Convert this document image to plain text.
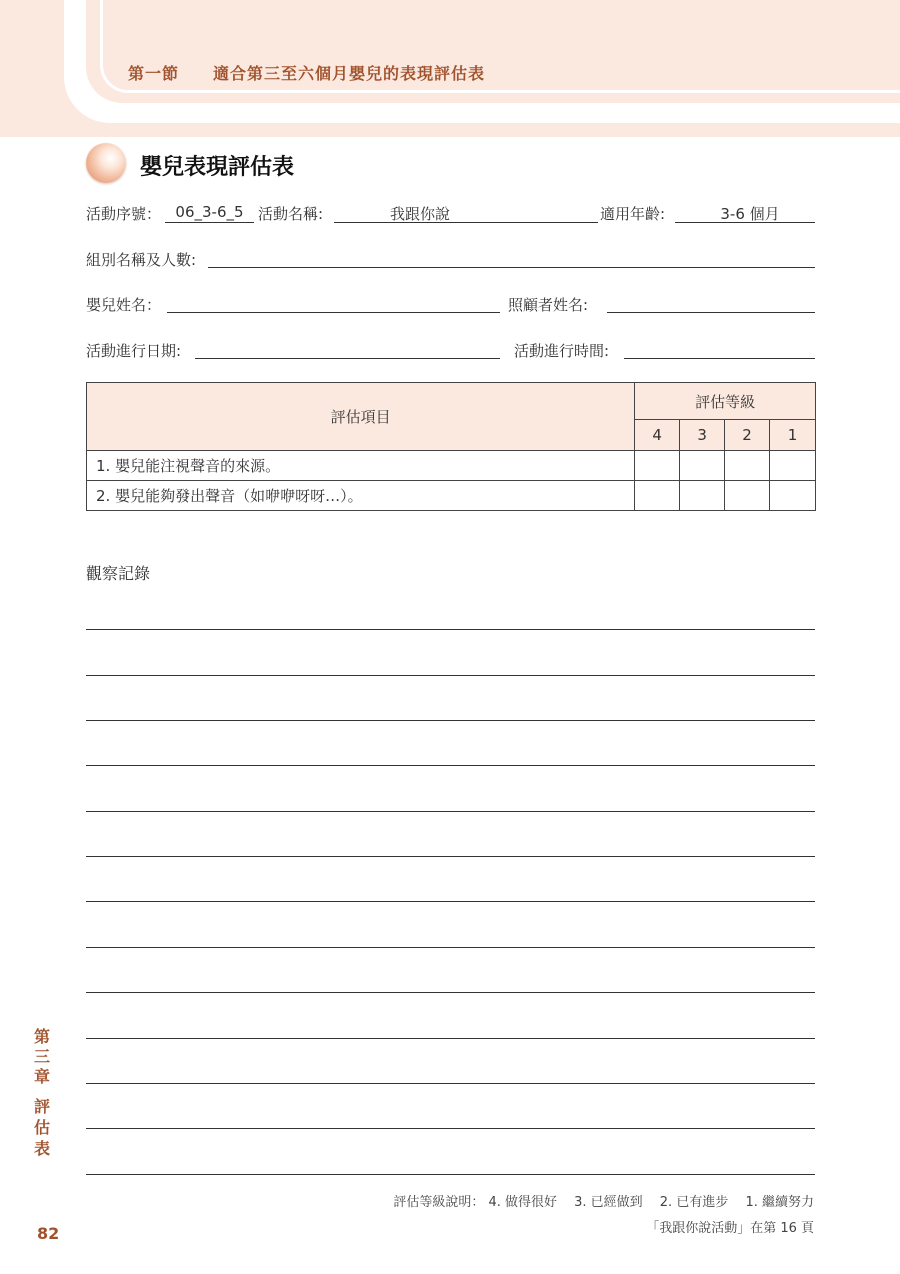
第一節 適合第三至六個月嬰兒的表現評估表
嬰兒表現評估表
活動序號： 06_3-6_5 活動名稱:	我跟你說	適用年齡:	3-6 個月
組別名稱及人數:
嬰兒姓名：	照顧者姓名:
活動進行日期:	活動進行時間:
評估項目	評估等級			
	4	3	2	1
1. 嬰兒能注視聲音的來源。				
2. 嬰兒能夠發出聲音（如咿咿呀呀…）。				
觀察記錄
第三章
評估表
82
評估等級說明： 4. 做得很好　 3. 已經做到　 2. 已有進步　 1. 繼續努力
「我跟你說活動」在第 16 頁
